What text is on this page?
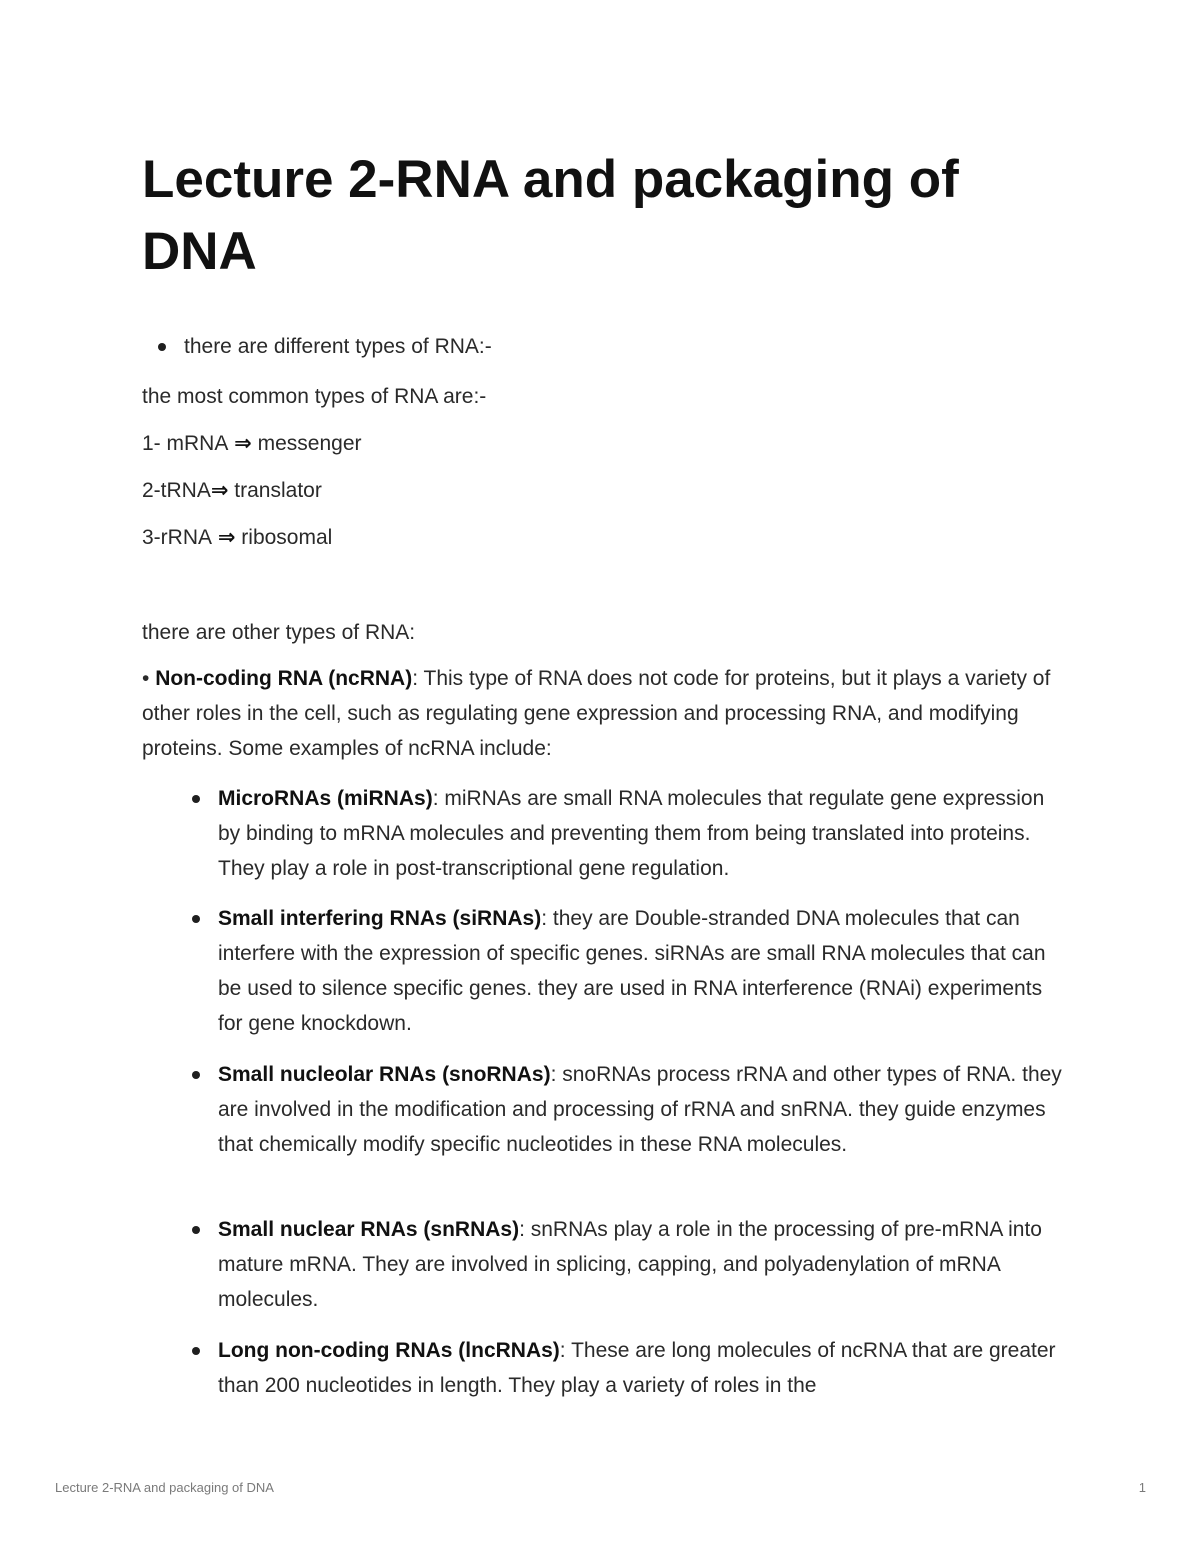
Lecture 2-RNA and packaging of DNA
there are different types of RNA:-

the most common types of RNA are:-

1- mRNA ⇒ messenger

2-tRNA⇒ translator

3-rRNA ⇒ ribosomal

there are other types of RNA:

• Non-coding RNA (ncRNA): This type of RNA does not code for proteins, but it plays a variety of other roles in the cell, such as regulating gene expression and processing RNA, and modifying proteins. Some examples of ncRNA include:

MicroRNAs (miRNAs): miRNAs are small RNA molecules that regulate gene expression by binding to mRNA molecules and preventing them from being translated into proteins. They play a role in post-transcriptional gene regulation.
Small interfering RNAs (siRNAs): they are Double-stranded DNA molecules that can interfere with the expression of specific genes. siRNAs are small RNA molecules that can be used to silence specific genes. they are used in RNA interference (RNAi) experiments for gene knockdown.
Small nucleolar RNAs (snoRNAs): snoRNAs process rRNA and other types of RNA. they are involved in the modification and processing of rRNA and snRNA. they guide enzymes that chemically modify specific nucleotides in these RNA molecules.
Small nuclear RNAs (snRNAs): snRNAs play a role in the processing of pre-mRNA into mature mRNA. They are involved in splicing, capping, and polyadenylation of mRNA molecules.
Long non-coding RNAs (lncRNAs): These are long molecules of ncRNA that are greater than 200 nucleotides in length. They play a variety of roles in the
Lecture 2-RNA and packaging of DNA	1
